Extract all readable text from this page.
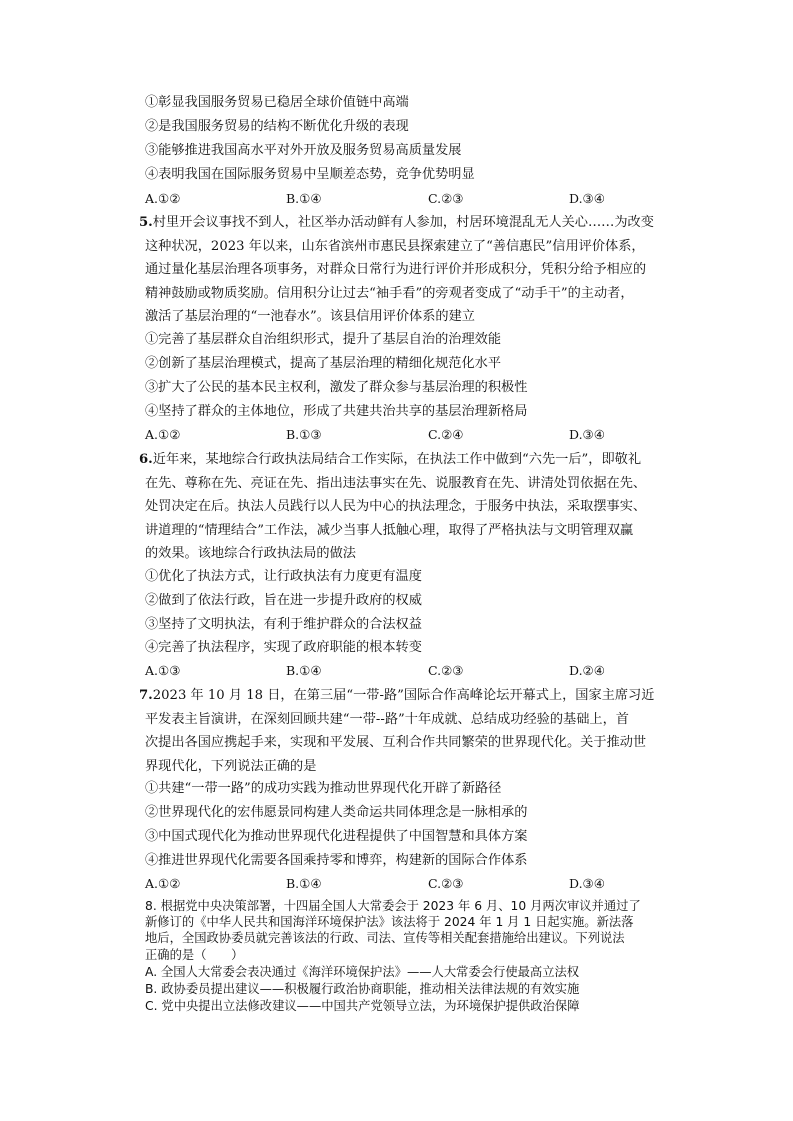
①彰显我国服务贸易已稳居全球价值链中高端
②是我国服务贸易的结构不断优化升级的表现
③能够推进我国高水平对外开放及服务贸易高质量发展
④表明我国在国际服务贸易中呈顺差态势，竞争优势明显
A.①②	B.①④	C.②③	D.③④
5.村里开会议事找不到人，社区举办活动鲜有人参加，村居环境混乱无人关心……为改变
这种状况，2023 年以来，山东省滨州市惠民县探索建立了“善信惠民”信用评价体系，
通过量化基层治理各项事务，对群众日常行为进行评价并形成积分，凭积分给予相应的
精神鼓励或物质奖励。信用积分让过去“袖手看”的旁观者变成了“动手干”的主动者，
激活了基层治理的“一池春水”。该县信用评价体系的建立
①完善了基层群众自治组织形式，提升了基层自治的治理效能
②创新了基层治理模式，提高了基层治理的精细化规范化水平
③扩大了公民的基本民主权利，激发了群众参与基层治理的积极性
④坚持了群众的主体地位，形成了共建共治共享的基层治理新格局
A.①②	B.①③	C.②④	D.③④
6.近年来，某地综合行政执法局结合工作实际，在执法工作中做到“六先一后”，即敬礼
在先、尊称在先、亮证在先、指出违法事实在先、说服教育在先、讲清处罚依据在先、
处罚决定在后。执法人员践行以人民为中心的执法理念，于服务中执法，采取摆事实、
讲道理的“情理结合”工作法，减少当事人抵触心理，取得了严格执法与文明管理双赢
的效果。该地综合行政执法局的做法
①优化了执法方式，让行政执法有力度更有温度
②做到了依法行政，旨在进一步提升政府的权威
③坚持了文明执法，有利于维护群众的合法权益
④完善了执法程序，实现了政府职能的根本转变
A.①③	B.①④	C.②③	D.②④
7.2023 年 10 月 18 日，在第三届“一带-路”国际合作高峰论坛开幕式上，国家主席习近
平发表主旨演讲，在深刻回顾共建“一带--路”十年成就、总结成功经验的基础上，首
次提出各国应携起手来，实现和平发展、互利合作共同繁荣的世界现代化。关于推动世
界现代化，下列说法正确的是
①共建“一带一路”的成功实践为推动世界现代化开辟了新路径
②世界现代化的宏伟愿景同构建人类命运共同体理念是一脉相承的
③中国式现代化为推动世界现代化进程提供了中国智慧和具体方案
④推进世界现代化需要各国乘持零和博弈，构建新的国际合作体系
A.①②	B.①④	C.②③	D.③④
8. 根据党中央决策部署，十四届全国人大常委会于 2023 年 6 月、10 月两次审议并通过了
新修订的《中华人民共和国海洋环境保护法》该法将于 2024 年 1 月 1 日起实施。新法落
地后，全国政协委员就完善该法的行政、司法、宣传等相关配套措施给出建议。下列说法
正确的是（　　）
A. 全国人大常委会表决通过《海洋环境保护法》——人大常委会行使最高立法权
B. 政协委员提出建议——积极履行政治协商职能，推动相关法律法规的有效实施
C. 党中央提出立法修改建议——中国共产党领导立法，为环境保护提供政治保障
